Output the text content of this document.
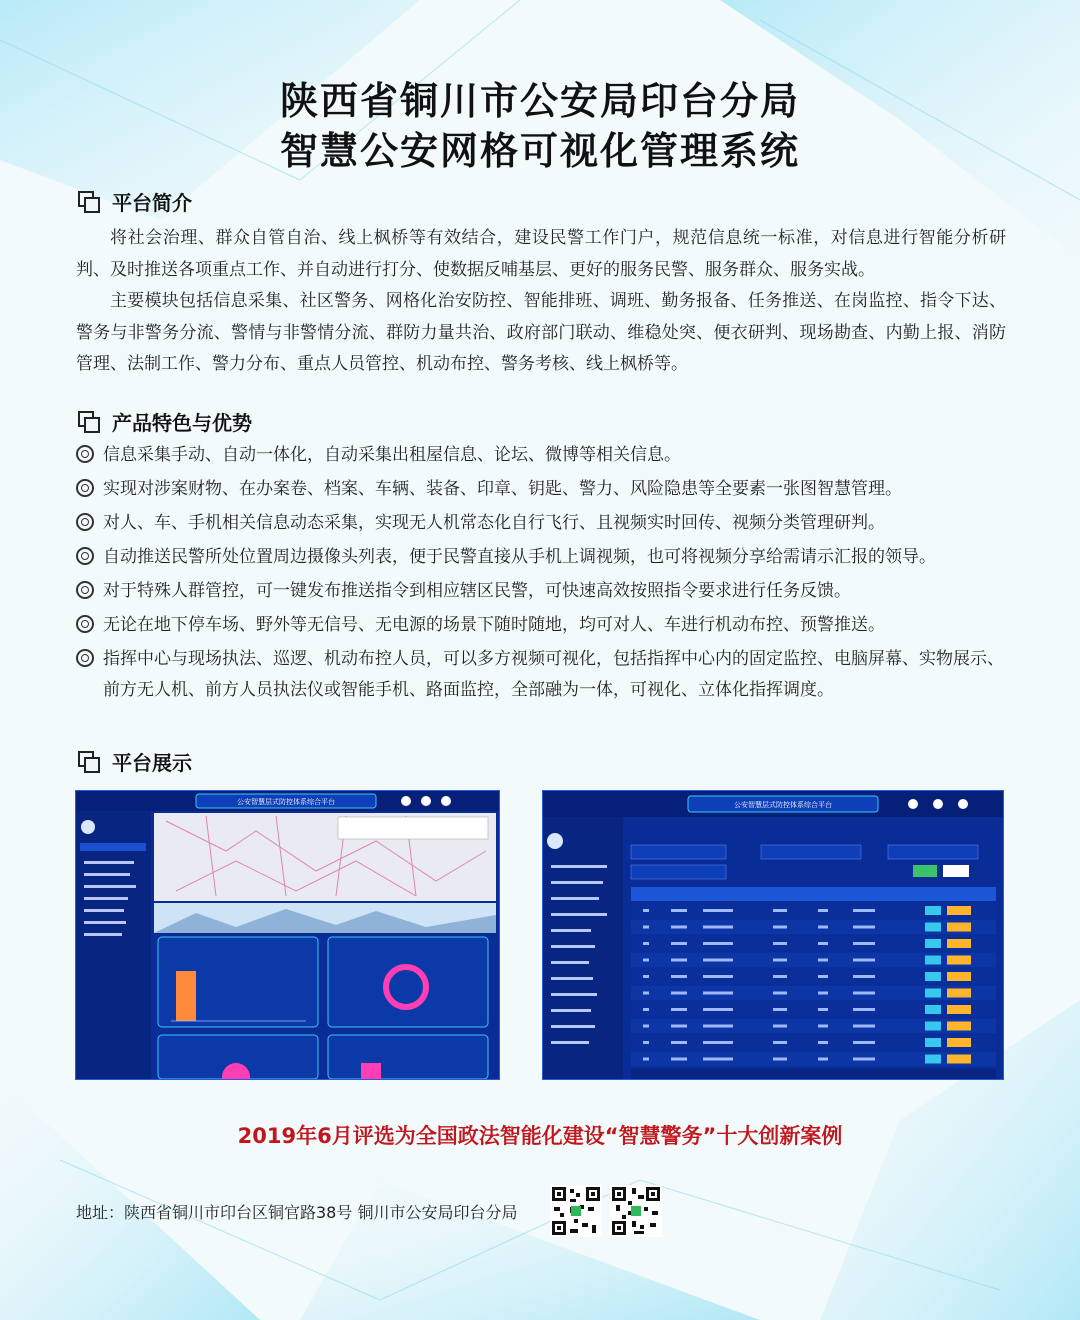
陕西省铜川市公安局印台分局
智慧公安网格可视化管理系统
平台简介
将社会治理、群众自管自治、线上枫桥等有效结合，建设民警工作门户，规范信息统一标准，对信息进行智能分析研判、及时推送各项重点工作、并自动进行打分、使数据反哺基层、更好的服务民警、服务群众、服务实战。
主要模块包括信息采集、社区警务、网格化治安防控、智能排班、调班、勤务报备、任务推送、在岗监控、指令下达、警务与非警务分流、警情与非警情分流、群防力量共治、政府部门联动、维稳处突、便衣研判、现场勘查、内勤上报、消防管理、法制工作、警力分布、重点人员管控、机动布控、警务考核、线上枫桥等。
产品特色与优势
信息采集手动、自动一体化，自动采集出租屋信息、论坛、微博等相关信息。
实现对涉案财物、在办案卷、档案、车辆、装备、印章、钥匙、警力、风险隐患等全要素一张图智慧管理。
对人、车、手机相关信息动态采集，实现无人机常态化自行飞行、且视频实时回传、视频分类管理研判。
自动推送民警所处位置周边摄像头列表，便于民警直接从手机上调视频，也可将视频分享给需请示汇报的领导。
对于特殊人群管控，可一键发布推送指令到相应辖区民警，可快速高效按照指令要求进行任务反馈。
无论在地下停车场、野外等无信号、无电源的场景下随时随地，均可对人、车进行机动布控、预警推送。
指挥中心与现场执法、巡逻、机动布控人员，可以多方视频可视化，包括指挥中心内的固定监控、电脑屏幕、实物展示、前方无人机、前方人员执法仪或智能手机、路面监控，全部融为一体，可视化、立体化指挥调度。
平台展示
公安智慧层式防控体系综合平台	公安智慧层式防控体系综合平台
2019年6月评选为全国政法智能化建设“智慧警务”十大创新案例
地址：陕西省铜川市印台区铜官路38号 铜川市公安局印台分局
